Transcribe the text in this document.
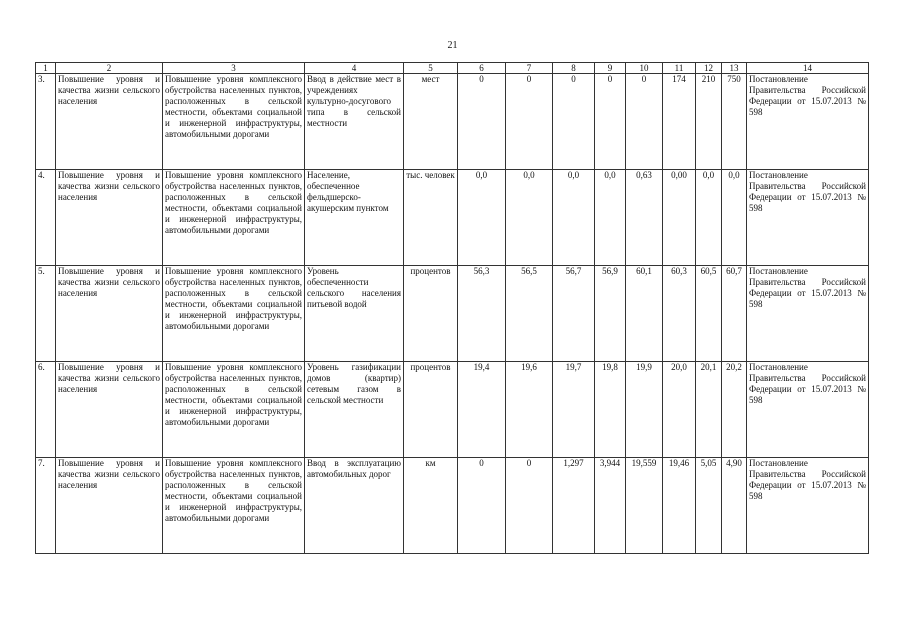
21
1	2	3	4	5	6	7	8	9	10	11	12	13	14
3.	Повышение уровня и качества жизни сельского населения	Повышение уровня комплексного обустройства населенных пунктов, расположенных в сельской местности, объектами социальной и инженерной инфраструктуры, автомобильными дорогами	Ввод в действие мест в учреждениях культурно-досугового типа в сельской местности	мест	0	0	0	0	0	174	210	750	Постановление Правительства Российской Федерации от 15.07.2013 № 598
4.	Повышение уровня и качества жизни сельского населения	Повышение уровня комплексного обустройства населенных пунктов, расположенных в сельской местности, объектами социальной и инженерной инфраструктуры, автомобильными дорогами	Население, обеспеченное фельдшерско-акушерским пунктом	тыс. человек	0,0	0,0	0,0	0,0	0,63	0,00	0,0	0,0	Постановление Правительства Российской Федерации от 15.07.2013 № 598
5.	Повышение уровня и качества жизни сельского населения	Повышение уровня комплексного обустройства населенных пунктов, расположенных в сельской местности, объектами социальной и инженерной инфраструктуры, автомобильными дорогами	Уровень обеспеченности сельского населения питьевой водой	процентов	56,3	56,5	56,7	56,9	60,1	60,3	60,5	60,7	Постановление Правительства Российской Федерации от 15.07.2013 № 598
6.	Повышение уровня и качества жизни сельского населения	Повышение уровня комплексного обустройства населенных пунктов, расположенных в сельской местности, объектами социальной и инженерной инфраструктуры, автомобильными дорогами	Уровень газификации домов (квартир) сетевым газом в сельской местности	процентов	19,4	19,6	19,7	19,8	19,9	20,0	20,1	20,2	Постановление Правительства Российской Федерации от 15.07.2013 № 598
7.	Повышение уровня и качества жизни сельского населения	Повышение уровня комплексного обустройства населенных пунктов, расположенных в сельской местности, объектами социальной и инженерной инфраструктуры, автомобильными дорогами	Ввод в эксплуатацию автомобильных дорог	км	0	0	1,297	3,944	19,559	19,46	5,05	4,90	Постановление Правительства Российской Федерации от 15.07.2013 № 598
